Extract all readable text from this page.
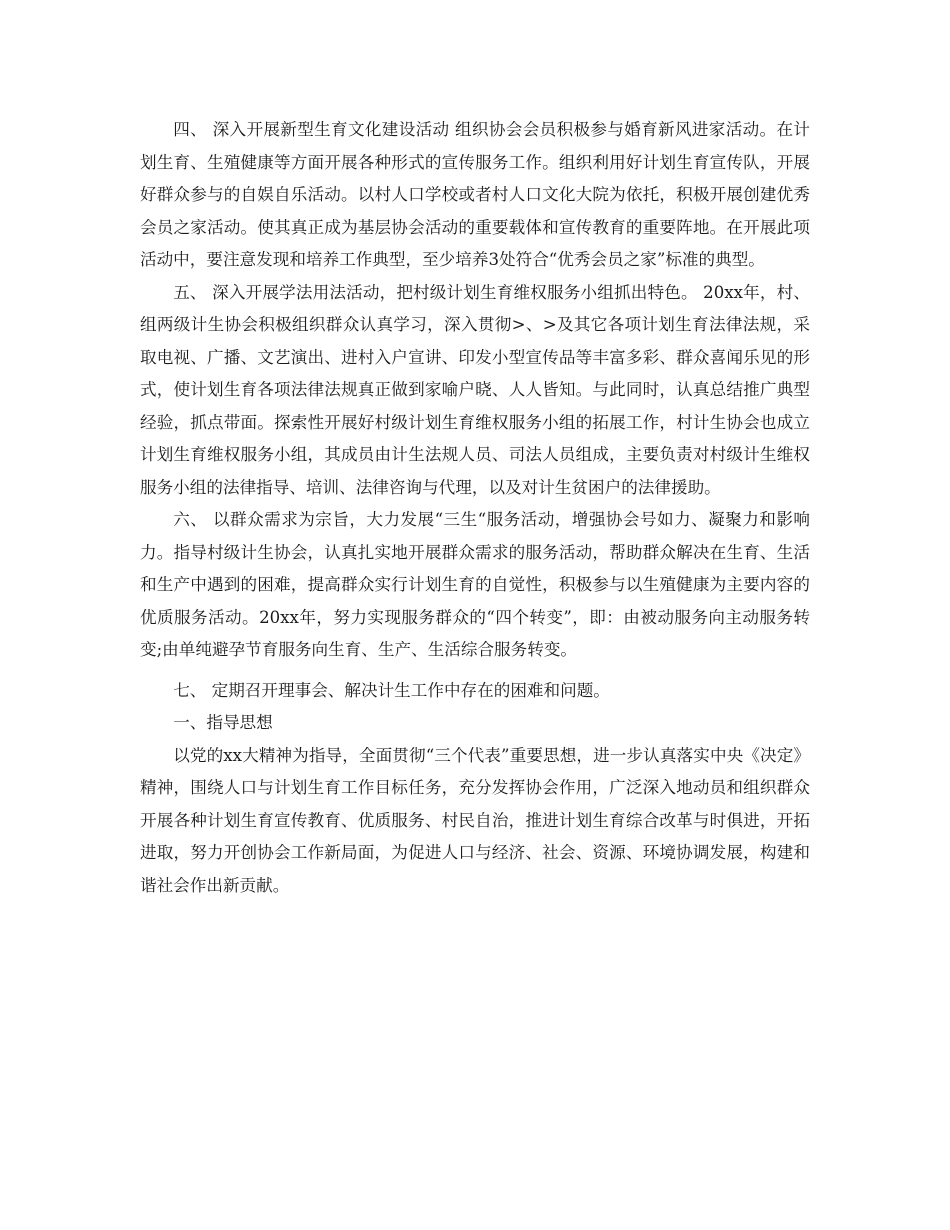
四、 深入开展新型生育文化建设活动 组织协会会员积极参与婚育新风进家活动。在计划生育、生殖健康等方面开展各种形式的宣传服务工作。组织利用好计划生育宣传队，开展好群众参与的自娱自乐活动。以村人口学校或者村人口文化大院为依托，积极开展创建优秀会员之家活动。使其真正成为基层协会活动的重要载体和宣传教育的重要阵地。在开展此项活动中，要注意发现和培养工作典型，至少培养3处符合“优秀会员之家”标准的典型。

五、 深入开展学法用法活动，把村级计划生育维权服务小组抓出特色。 20xx年，村、组两级计生协会积极组织群众认真学习，深入贯彻>、>及其它各项计划生育法律法规，采取电视、广播、文艺演出、进村入户宣讲、印发小型宣传品等丰富多彩、群众喜闻乐见的形式，使计划生育各项法律法规真正做到家喻户晓、人人皆知。与此同时，认真总结推广典型经验，抓点带面。探索性开展好村级计划生育维权服务小组的拓展工作，村计生协会也成立计划生育维权服务小组，其成员由计生法规人员、司法人员组成，主要负责对村级计生维权服务小组的法律指导、培训、法律咨询与代理，以及对计生贫困户的法律援助。

六、 以群众需求为宗旨，大力发展“三生“服务活动，增强协会号如力、凝聚力和影响力。指导村级计生协会，认真扎实地开展群众需求的服务活动，帮助群众解决在生育、生活和生产中遇到的困难，提高群众实行计划生育的自觉性，积极参与以生殖健康为主要内容的优质服务活动。20xx年，努力实现服务群众的“四个转变”，即：由被动服务向主动服务转变;由单纯避孕节育服务向生育、生产、生活综合服务转变。

七、 定期召开理事会、解决计生工作中存在的困难和问题。

一、指导思想

以党的xx大精神为指导，全面贯彻“三个代表”重要思想，进一步认真落实中央《决定》精神，围绕人口与计划生育工作目标任务，充分发挥协会作用，广泛深入地动员和组织群众开展各种计划生育宣传教育、优质服务、村民自治，推进计划生育综合改革与时俱进，开拓进取，努力开创协会工作新局面，为促进人口与经济、社会、资源、环境协调发展，构建和谐社会作出新贡献。
